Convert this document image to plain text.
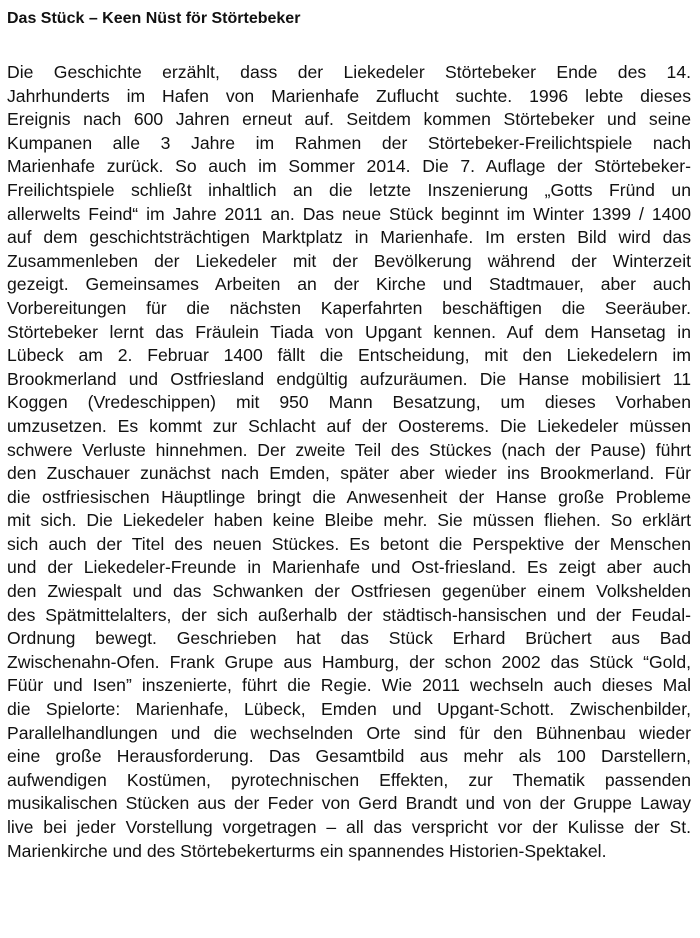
Das Stück – Keen Nüst för Störtebeker
Die Geschichte erzählt, dass der Liekedeler Störtebeker Ende des 14.
Jahrhunderts im Hafen von Marienhafe Zuflucht suchte. 1996 lebte dieses
Ereignis nach 600 Jahren erneut auf. Seitdem kommen Störtebeker und seine
Kumpanen alle 3 Jahre im Rahmen der Störtebeker-Freilichtspiele nach
Marienhafe zurück. So auch im Sommer 2014. Die 7. Auflage der Störtebeker-
Freilichtspiele schließt inhaltlich an die letzte Inszenierung „Gotts Fründ un
allerwelts Feind“ im Jahre 2011 an. Das neue Stück beginnt im Winter 1399 / 1400
auf dem geschichtsträchtigen Marktplatz in Marienhafe. Im ersten Bild wird das
Zusammenleben der Liekedeler mit der Bevölkerung während der Winterzeit
gezeigt. Gemeinsames Arbeiten an der Kirche und Stadtmauer, aber auch
Vorbereitungen für die nächsten Kaperfahrten beschäftigen die Seeräuber.
Störtebeker lernt das Fräulein Tiada von Upgant kennen. Auf dem Hansetag in
Lübeck am 2. Februar 1400 fällt die Entscheidung, mit den Liekedelern im
Brookmerland und Ostfriesland endgültig aufzuräumen. Die Hanse mobilisiert 11
Koggen (Vredeschippen) mit 950 Mann Besatzung, um dieses Vorhaben
umzusetzen. Es kommt zur Schlacht auf der Oosterems. Die Liekedeler müssen
schwere Verluste hinnehmen. Der zweite Teil des Stückes (nach der Pause) führt
den Zuschauer zunächst nach Emden, später aber wieder ins Brookmerland. Für
die ostfriesischen Häuptlinge bringt die Anwesenheit der Hanse große Probleme
mit sich. Die Liekedeler haben keine Bleibe mehr. Sie müssen fliehen. So erklärt
sich auch der Titel des neuen Stückes. Es betont die Perspektive der Menschen
und der Liekedeler-Freunde in Marienhafe und Ost-friesland. Es zeigt aber auch
den Zwiespalt und das Schwanken der Ostfriesen gegenüber einem Volkshelden
des Spätmittelalters, der sich außerhalb der städtisch-hansischen und der Feudal-
Ordnung bewegt. Geschrieben hat das Stück Erhard Brüchert aus Bad
Zwischenahn-Ofen. Frank Grupe aus Hamburg, der schon 2002 das Stück “Gold,
Füür und Isen” inszenierte, führt die Regie. Wie 2011 wechseln auch dieses Mal
die Spielorte: Marienhafe, Lübeck, Emden und Upgant-Schott. Zwischenbilder,
Parallelhandlungen und die wechselnden Orte sind für den Bühnenbau wieder
eine große Herausforderung. Das Gesamtbild aus mehr als 100 Darstellern,
aufwendigen Kostümen, pyrotechnischen Effekten, zur Thematik passenden
musikalischen Stücken aus der Feder von Gerd Brandt und von der Gruppe Laway
live bei jeder Vorstellung vorgetragen – all das verspricht vor der Kulisse der St.
Marienkirche und des Störtebekerturms ein spannendes Historien-Spektakel.
